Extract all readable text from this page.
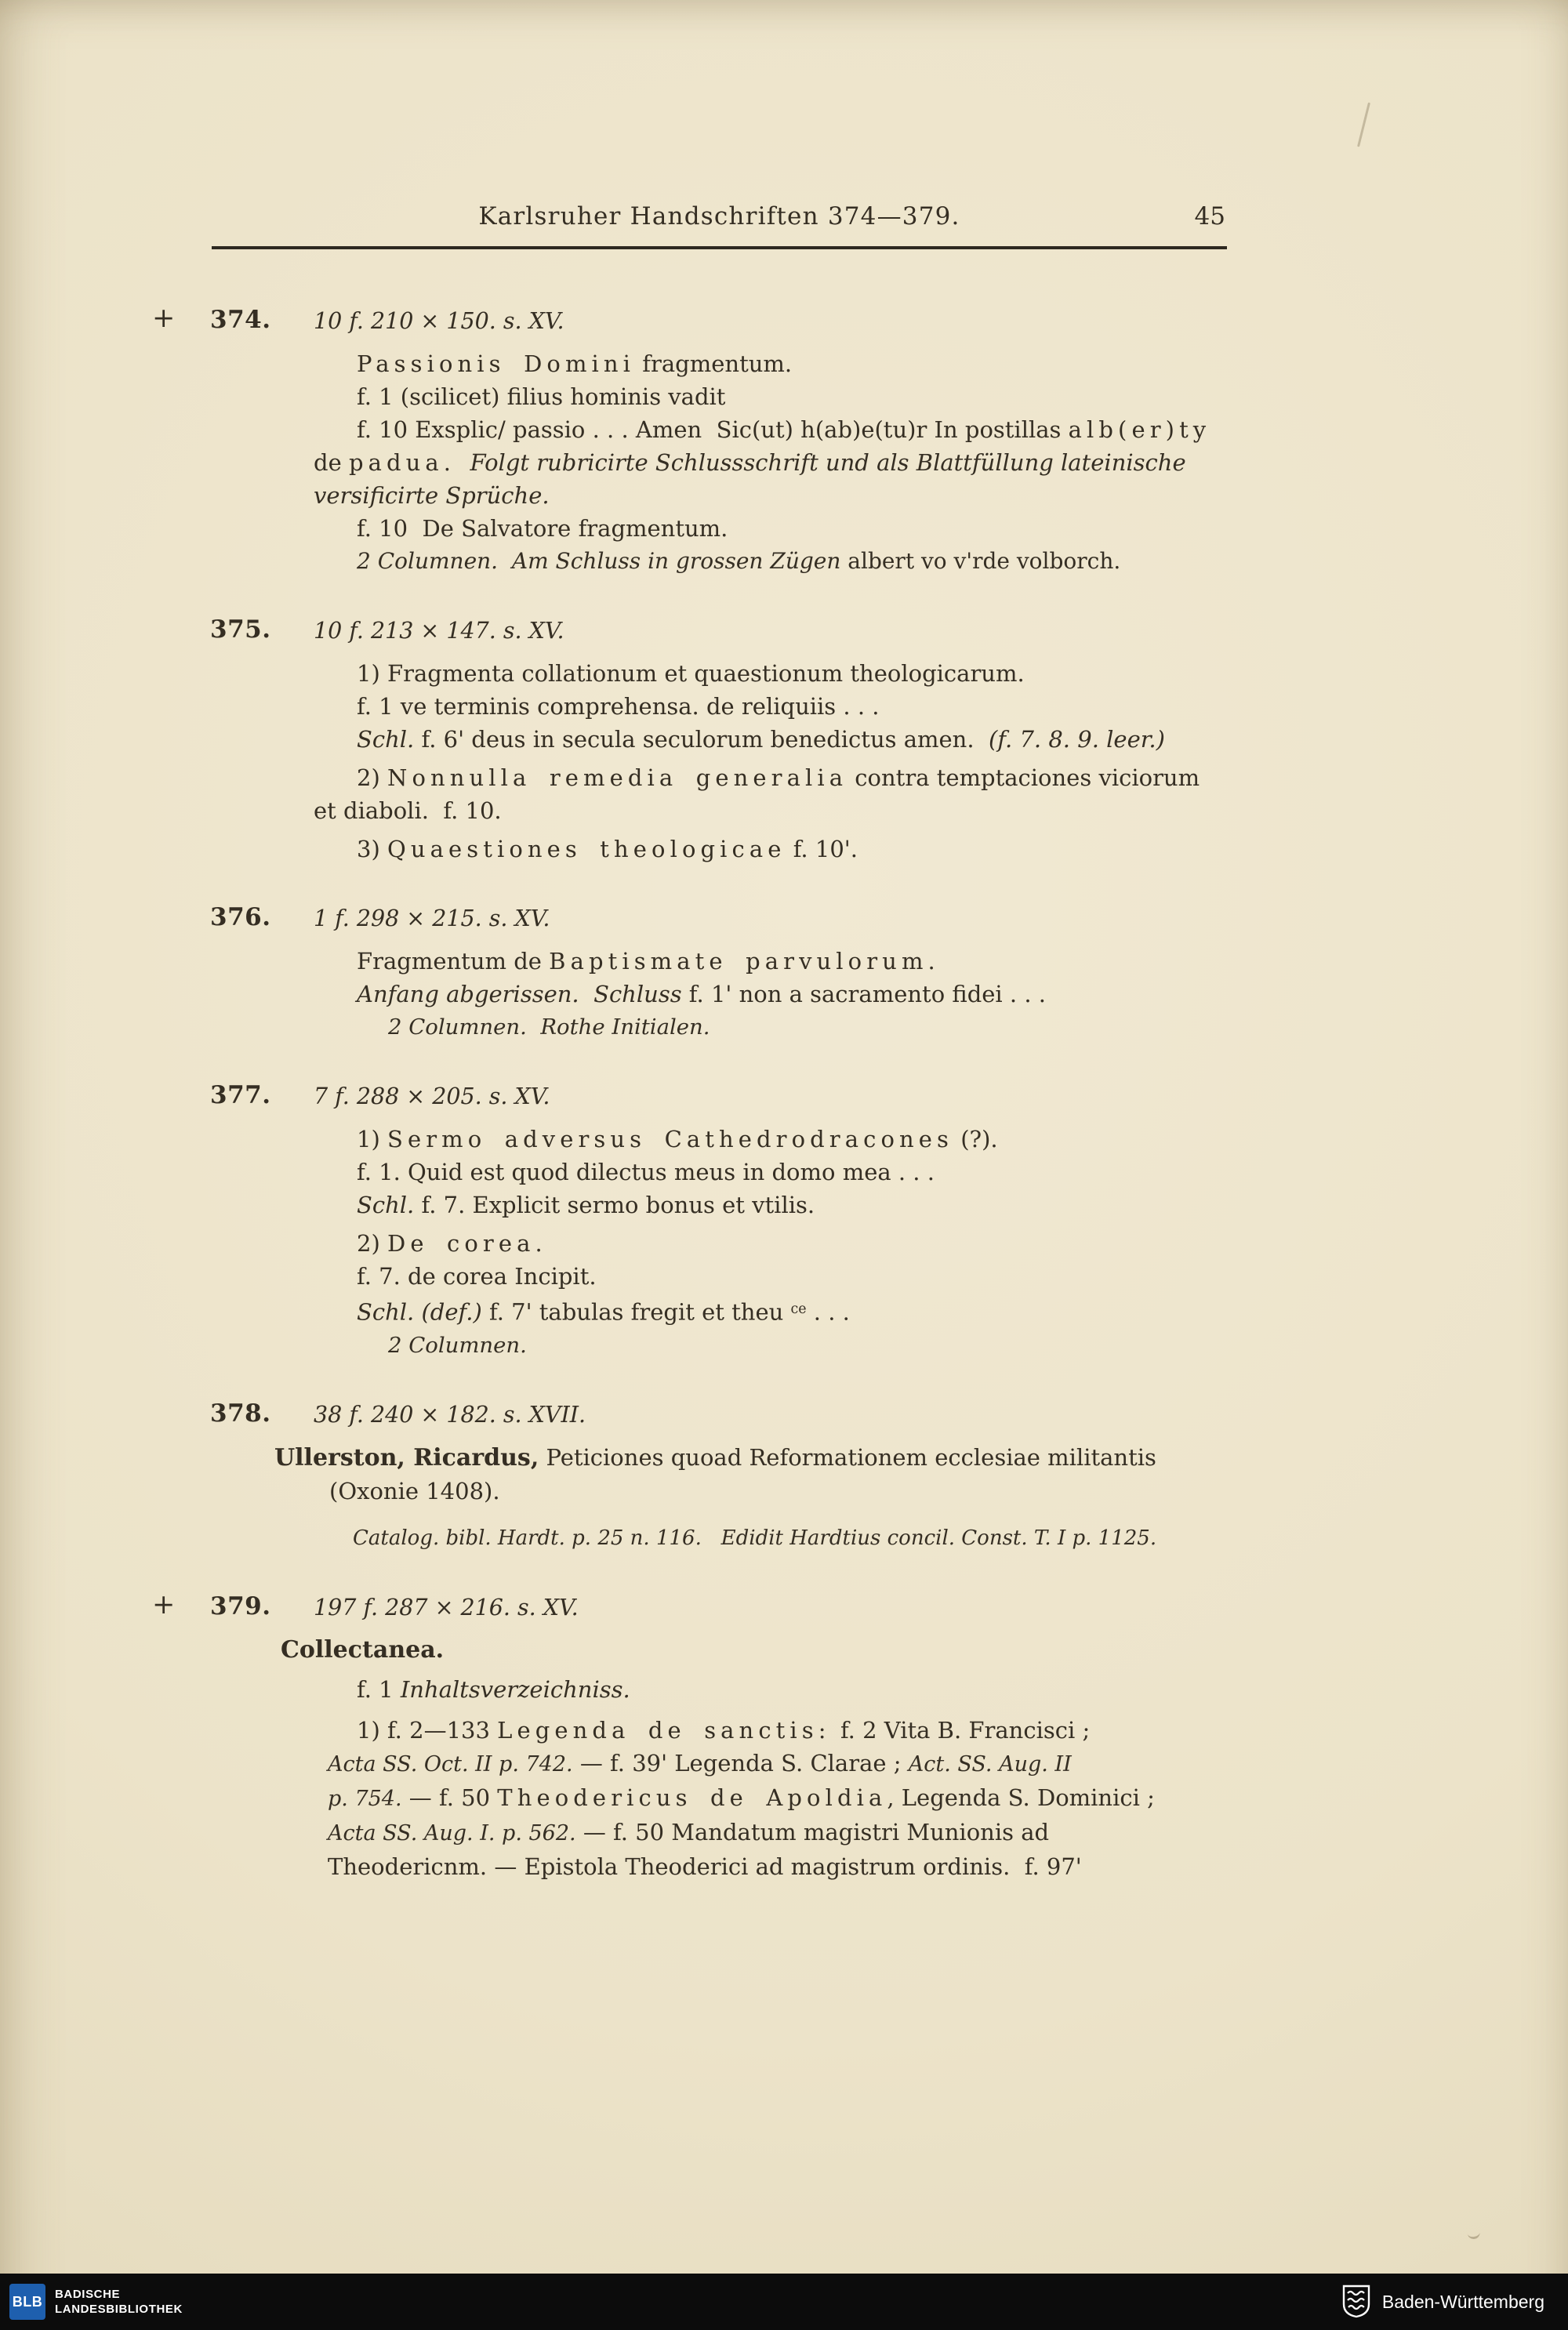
Karlsruher Handschriften 374—379.	45
+ 374. 10 f. 210 × 150. s. XV.

Passionis Domini fragmentum.

f. 1 (scilicet) filius hominis vadit

f. 10 Exsplic/ passio . . . Amen  Sic(ut) h(ab)e(tu)r In postillas alb(er)ty

de padua.  Folgt rubricirte Schlussschrift und als Blattfüllung lateinische

versificirte Sprüche.

f. 10  De Salvatore fragmentum.

2 Columnen.  Am Schluss in grossen Zügen albert vo v'rde volborch.

375. 10 f. 213 × 147. s. XV.

1) Fragmenta collationum et quaestionum theologicarum.

f. 1 ve terminis comprehensa. de reliquiis . . .

Schl. f. 6' deus in secula seculorum benedictus amen.  (f. 7. 8. 9. leer.)

2) Nonnulla remedia generalia contra temptaciones viciorum

et diaboli.  f. 10.

3) Quaestiones theologicae f. 10'.

376. 1 f. 298 × 215. s. XV.

Fragmentum de Baptismate parvulorum.

Anfang abgerissen.  Schluss f. 1' non a sacramento fidei . . .

2 Columnen.  Rothe Initialen.

377. 7 f. 288 × 205. s. XV.

1) Sermo adversus Cathedrodracones (?).

f. 1. Quid est quod dilectus meus in domo mea . . .

Schl. f. 7. Explicit sermo bonus et vtilis.

2) De corea.

f. 7. de corea Incipit.

Schl. (def.) f. 7' tabulas fregit et theu $^{ce}$ . . .

2 Columnen.

378. 38 f. 240 × 182. s. XVII.

Ullerston, Ricardus, Peticiones quoad Reformationem ecclesiae militantis

(Oxonie 1408).

Catalog. bibl. Hardt. p. 25 n. 116.   Edidit Hardtius concil. Const. T. I p. 1125.

+ 379. 197 f. 287 × 216. s. XV.

Collectanea.

f. 1 Inhaltsverzeichniss.

1) f. 2—133 Legenda de sanctis:  f. 2 Vita B. Francisci ;

Acta SS. Oct. II p. 742. — f. 39' Legenda S. Clarae ; Act. SS. Aug. II

p. 754. — f. 50 Theodericus de Apoldia, Legenda S. Dominici ;

Acta SS. Aug. I. p. 562. — f. 50 Mandatum magistri Munionis ad

Theodericnm. — Epistola Theoderici ad magistrum ordinis.  f. 97'

BLB BADISCHE
LANDESBIBLIOTHEK	Baden-Württemberg
